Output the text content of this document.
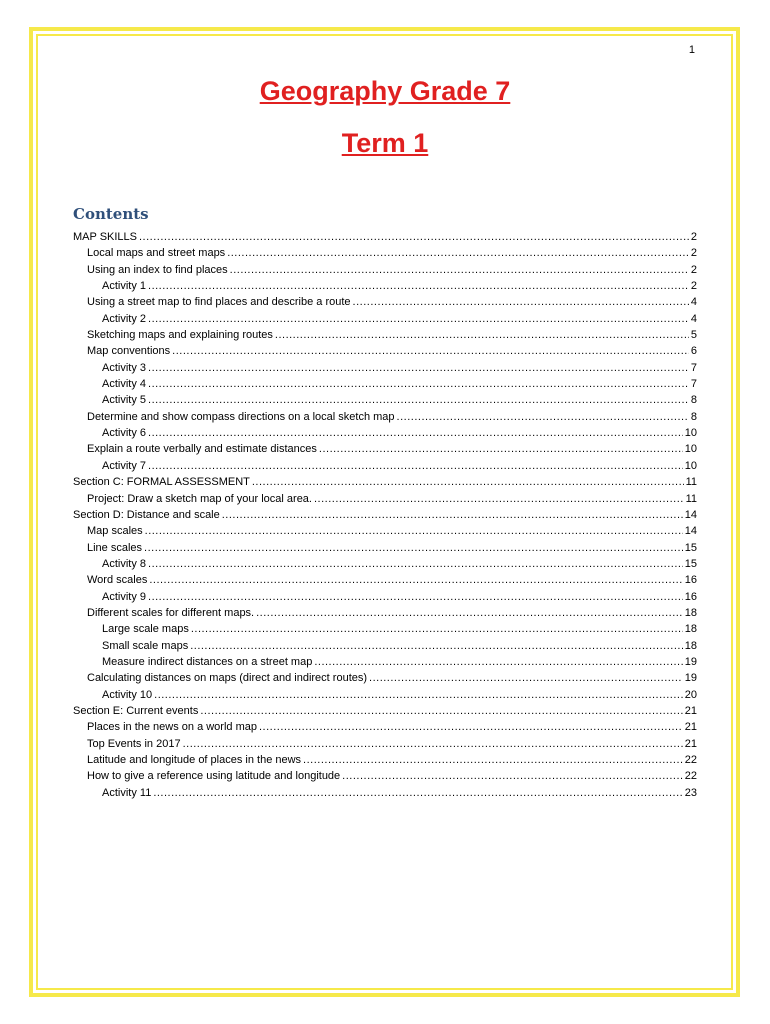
1
Geography Grade 7
Term 1
Contents
MAP SKILLS .....	2
Local maps and street maps .....	2
Using an index to find places .....	2
Activity 1 .....	2
Using a street map to find places and describe a route .....	4
Activity 2 .....	4
Sketching maps and explaining routes .....	5
Map conventions .....	6
Activity 3 .....	7
Activity 4 .....	7
Activity 5 .....	8
Determine and show compass directions on a local sketch map .....	8
Activity 6 .....	10
Explain a route verbally and estimate distances .....	10
Activity 7 .....	10
Section C: FORMAL ASSESSMENT .....	11
Project: Draw a sketch map of your local area. .....	11
Section D: Distance and scale .....	14
Map scales .....	14
Line scales .....	15
Activity 8 .....	15
Word scales .....	16
Activity 9 .....	16
Different scales for different maps. .....	18
Large scale maps .....	18
Small scale maps .....	18
Measure indirect distances on a street map .....	19
Calculating distances on maps (direct and indirect routes) .....	19
Activity 10 .....	20
Section E: Current events .....	21
Places in the news on a world map .....	21
Top Events in 2017 .....	21
Latitude and longitude of places in the news .....	22
How to give a reference using latitude and longitude .....	22
Activity 11 .....	23
